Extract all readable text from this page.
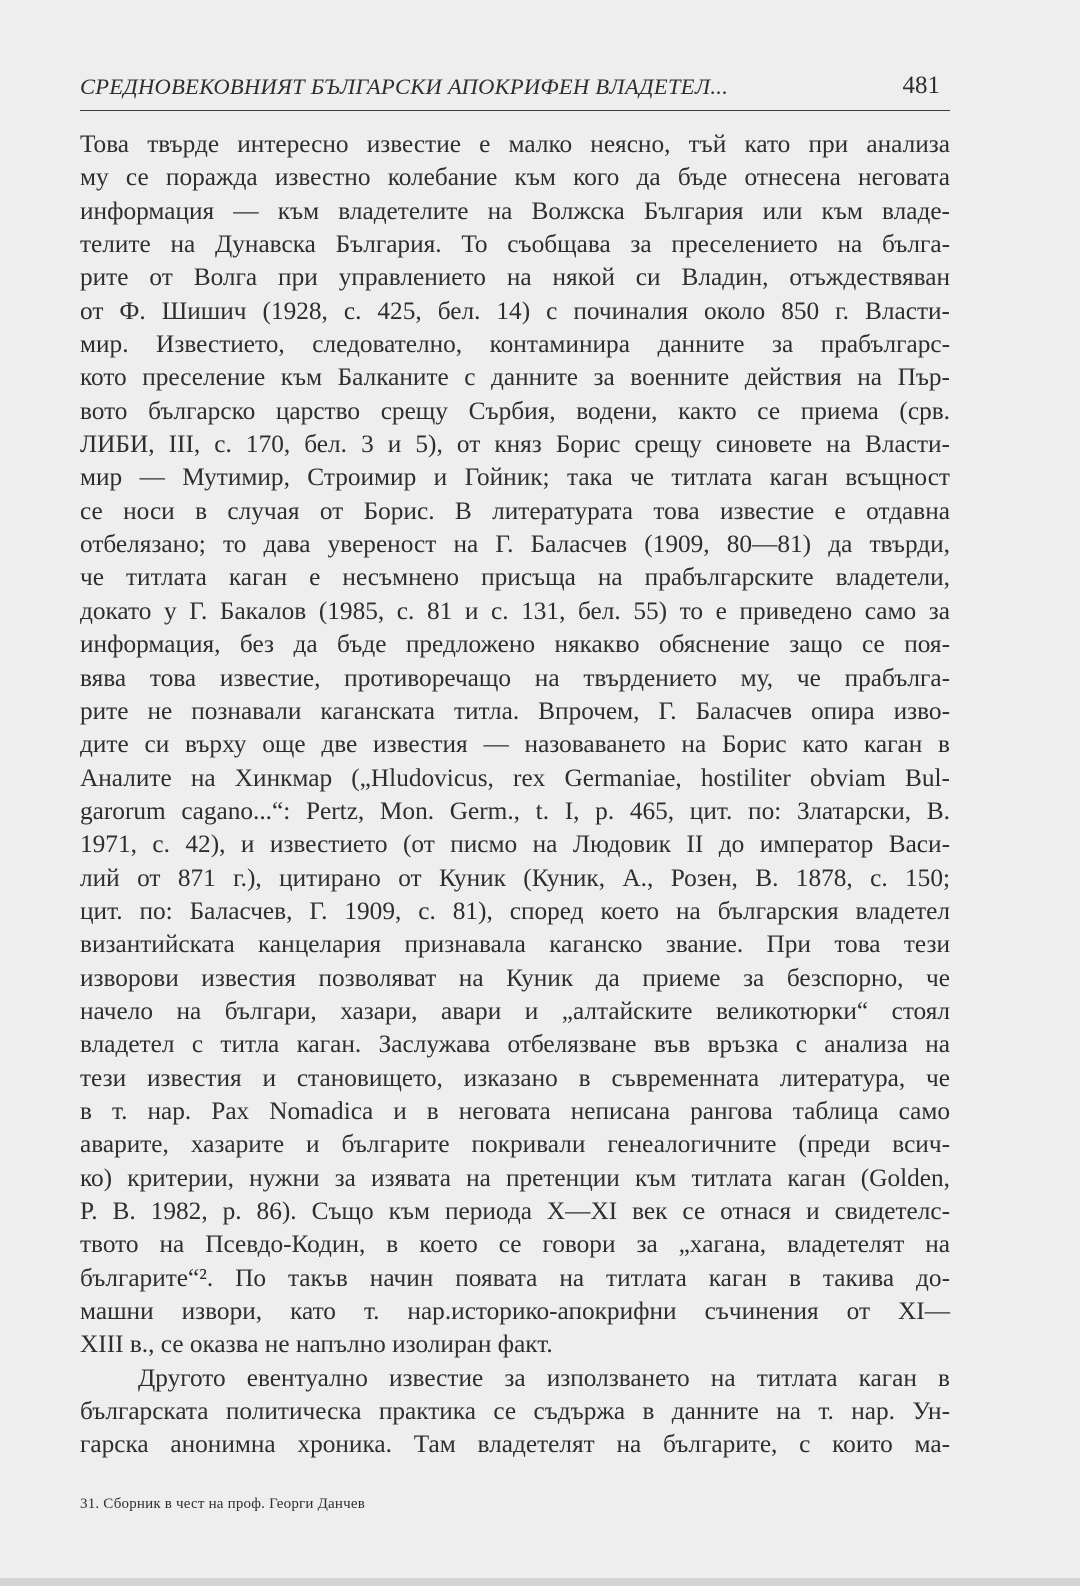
СРЕДНОВЕКОВНИЯТ БЪЛГАРСКИ АПОКРИФЕН ВЛАДЕТЕЛ...	481
Това твърде интересно известие е малко неясно, тъй като при анализа
му се поражда известно колебание към кого да бъде отнесена неговата
информация — към владетелите на Волжска България или към владе-
телите на Дунавска България. То съобщава за преселението на бълга-
рите от Волга при управлението на някой си Владин, отъждествяван
от Ф. Шишич (1928, с. 425, бел. 14) с починалия около 850 г. Власти-
мир. Известието, следователно, контаминира данните за прабългарс-
кото преселение към Балканите с данните за военните действия на Пър-
вото българско царство срещу Сърбия, водени, както се приема (срв.
ЛИБИ, III, с. 170, бел. 3 и 5), от княз Борис срещу синовете на Власти-
мир — Мутимир, Строимир и Гойник; така че титлата каган всъщност
се носи в случая от Борис. В литературата това известие е отдавна
отбелязано; то дава увереност на Г. Баласчев (1909, 80—81) да твърди,
че титлата каган е несъмнено присъща на прабългарските владетели,
докато у Г. Бакалов (1985, с. 81 и с. 131, бел. 55) то е приведено само за
информация, без да бъде предложено някакво обяснение защо се поя-
вява това известие, противоречащо на твърдението му, че прабълга-
рите не познавали каганската титла. Впрочем, Г. Баласчев опира изво-
дите си върху още две известия — назоваването на Борис като каган в
Аналите на Хинкмар („Hludovicus, rex Germaniae, hostiliter obviam Bul-
garorum cagano...“: Pertz, Mon. Germ., t. I, p. 465, цит. по: Златарски, В.
1971, с. 42), и известието (от писмо на Людовик II до император Васи-
лий от 871 г.), цитирано от Куник (Куник, А., Розен, В. 1878, с. 150;
цит. по: Баласчев, Г. 1909, с. 81), според което на българския владетел
византийската канцелария признавала каганско звание. При това тези
изворови известия позволяват на Куник да приеме за безспорно, че
начело на българи, хазари, авари и „алтайските великотюрки“ стоял
владетел с титла каган. Заслужава отбелязване във връзка с анализа на
тези известия и становището, изказано в съвременната литература, че
в т. нар. Pax Nomadica и в неговата неписана рангова таблица само
аварите, хазарите и българите покривали генеалогичните (преди всич-
ко) критерии, нужни за изявата на претенции към титлата каган (Golden,
P. B. 1982, p. 86). Също към периода X—XI век се отнася и свидетелс-
твото на Псевдо-Кодин, в което се говори за „хагана, владетелят на
българите“². По такъв начин появата на титлата каган в такива до-
машни извори, като т. нар.историко-апокрифни съчинения от XI—
XIII в., се оказва не напълно изолиран факт.
Другото евентуално известие за използването на титлата каган в
българската политическа практика се съдържа в данните на т. нар. Ун-
гарска анонимна хроника. Там владетелят на българите, с които ма-
31. Сборник в чест на проф. Георги Данчев
